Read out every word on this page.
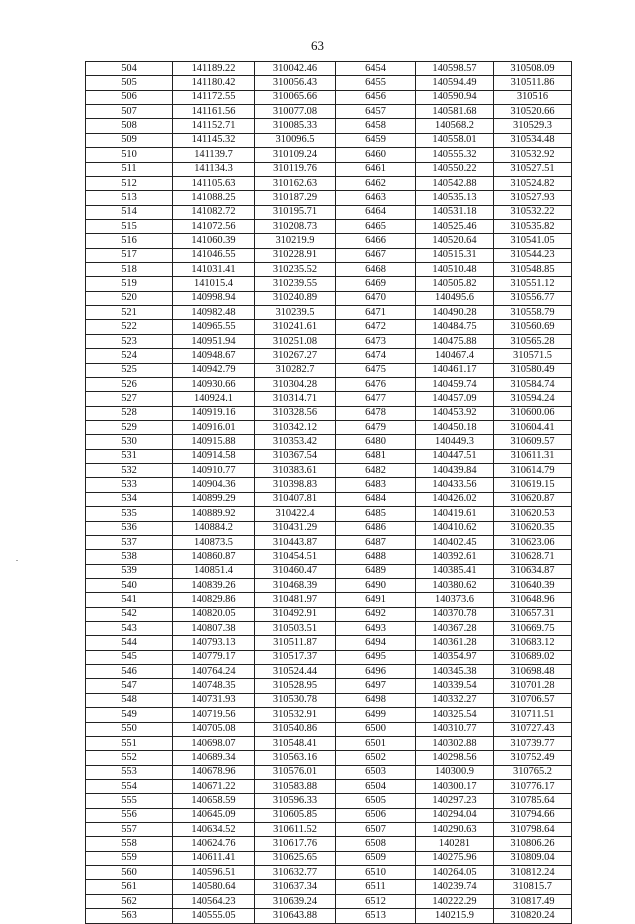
63
.
504	141189.22	310042.46	6454	140598.57	310508.09
505	141180.42	310056.43	6455	140594.49	310511.86
506	141172.55	310065.66	6456	140590.94	310516
507	141161.56	310077.08	6457	140581.68	310520.66
508	141152.71	310085.33	6458	140568.2	310529.3
509	141145.32	310096.5	6459	140558.01	310534.48
510	141139.7	310109.24	6460	140555.32	310532.92
511	141134.3	310119.76	6461	140550.22	310527.51
512	141105.63	310162.63	6462	140542.88	310524.82
513	141088.25	310187.29	6463	140535.13	310527.93
514	141082.72	310195.71	6464	140531.18	310532.22
515	141072.56	310208.73	6465	140525.46	310535.82
516	141060.39	310219.9	6466	140520.64	310541.05
517	141046.55	310228.91	6467	140515.31	310544.23
518	141031.41	310235.52	6468	140510.48	310548.85
519	141015.4	310239.55	6469	140505.82	310551.12
520	140998.94	310240.89	6470	140495.6	310556.77
521	140982.48	310239.5	6471	140490.28	310558.79
522	140965.55	310241.61	6472	140484.75	310560.69
523	140951.94	310251.08	6473	140475.88	310565.28
524	140948.67	310267.27	6474	140467.4	310571.5
525	140942.79	310282.7	6475	140461.17	310580.49
526	140930.66	310304.28	6476	140459.74	310584.74
527	140924.1	310314.71	6477	140457.09	310594.24
528	140919.16	310328.56	6478	140453.92	310600.06
529	140916.01	310342.12	6479	140450.18	310604.41
530	140915.88	310353.42	6480	140449.3	310609.57
531	140914.58	310367.54	6481	140447.51	310611.31
532	140910.77	310383.61	6482	140439.84	310614.79
533	140904.36	310398.83	6483	140433.56	310619.15
534	140899.29	310407.81	6484	140426.02	310620.87
535	140889.92	310422.4	6485	140419.61	310620.53
536	140884.2	310431.29	6486	140410.62	310620.35
537	140873.5	310443.87	6487	140402.45	310623.06
538	140860.87	310454.51	6488	140392.61	310628.71
539	140851.4	310460.47	6489	140385.41	310634.87
540	140839.26	310468.39	6490	140380.62	310640.39
541	140829.86	310481.97	6491	140373.6	310648.96
542	140820.05	310492.91	6492	140370.78	310657.31
543	140807.38	310503.51	6493	140367.28	310669.75
544	140793.13	310511.87	6494	140361.28	310683.12
545	140779.17	310517.37	6495	140354.97	310689.02
546	140764.24	310524.44	6496	140345.38	310698.48
547	140748.35	310528.95	6497	140339.54	310701.28
548	140731.93	310530.78	6498	140332.27	310706.57
549	140719.56	310532.91	6499	140325.54	310711.51
550	140705.08	310540.86	6500	140310.77	310727.43
551	140698.07	310548.41	6501	140302.88	310739.77
552	140689.34	310563.16	6502	140298.56	310752.49
553	140678.96	310576.01	6503	140300.9	310765.2
554	140671.22	310583.88	6504	140300.17	310776.17
555	140658.59	310596.33	6505	140297.23	310785.64
556	140645.09	310605.85	6506	140294.04	310794.66
557	140634.52	310611.52	6507	140290.63	310798.64
558	140624.76	310617.76	6508	140281	310806.26
559	140611.41	310625.65	6509	140275.96	310809.04
560	140596.51	310632.77	6510	140264.05	310812.24
561	140580.64	310637.34	6511	140239.74	310815.7
562	140564.23	310639.24	6512	140222.29	310817.49
563	140555.05	310643.88	6513	140215.9	310820.24
